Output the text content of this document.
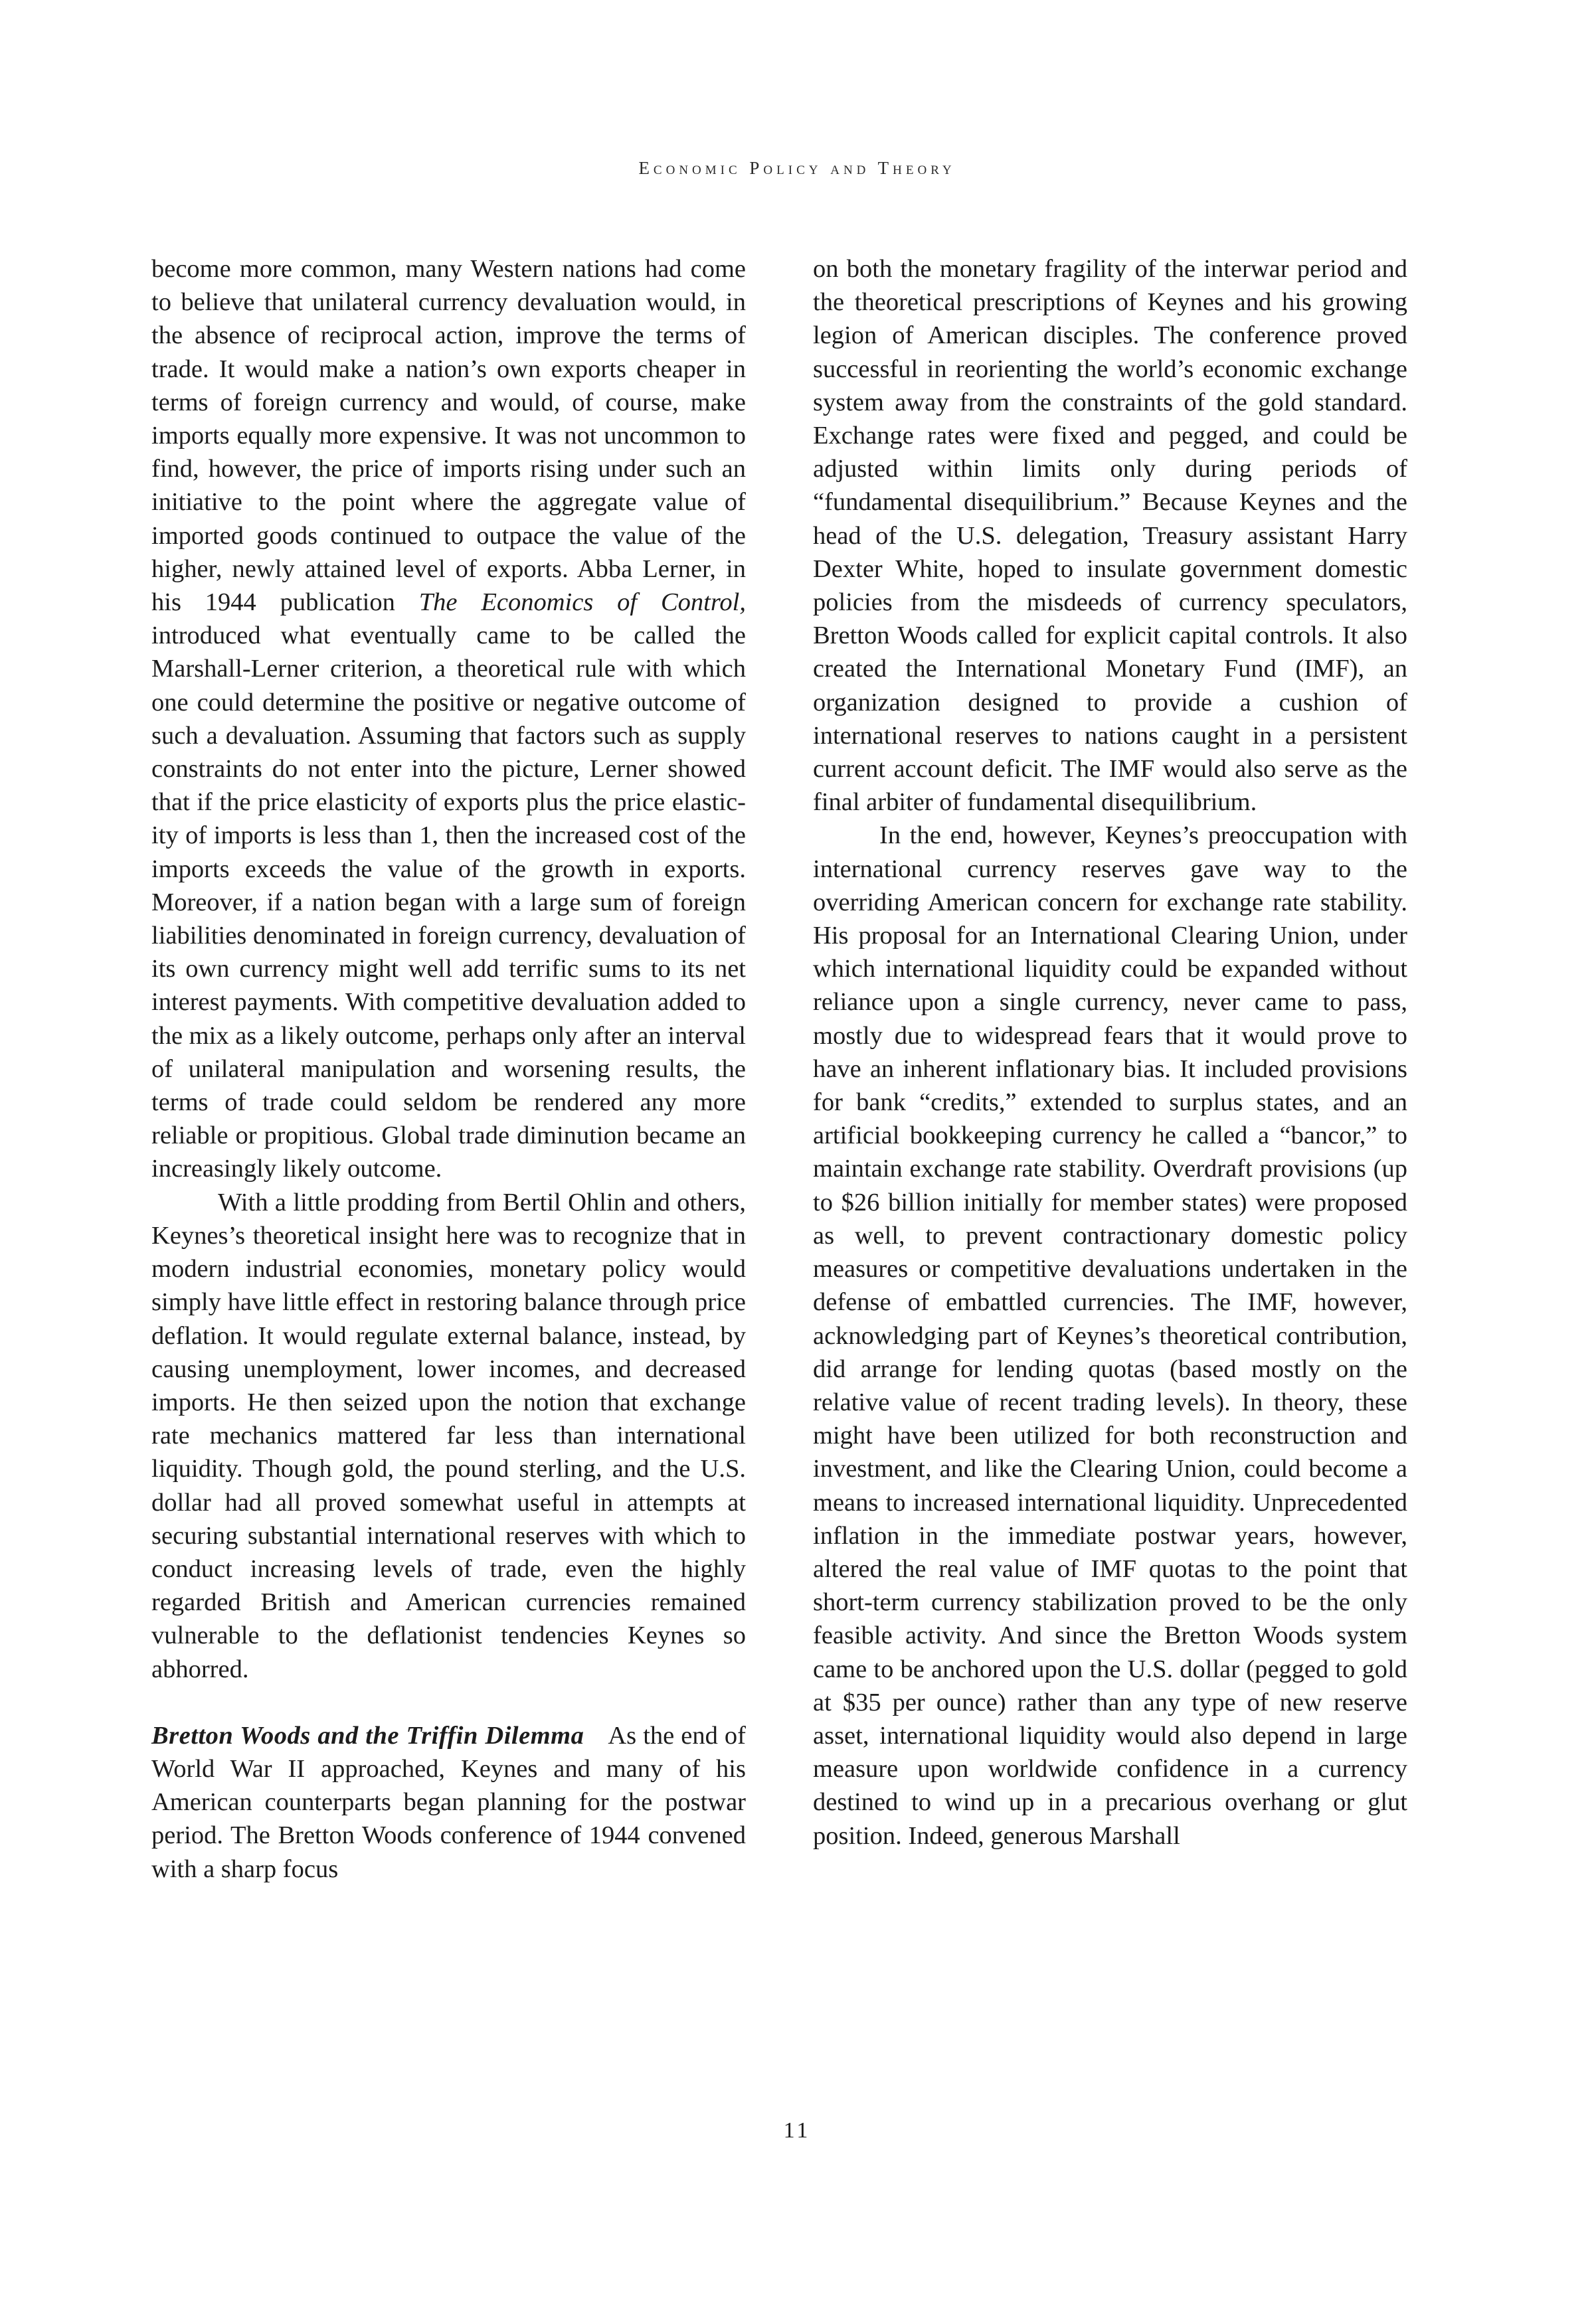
Economic Policy and Theory

become more common, many Western nations had come to believe that unilateral currency devaluation would, in the absence of reciprocal action, improve the terms of trade. It would make a nation’s own exports cheaper in terms of foreign currency and would, of course, make imports equally more expensive. It was not uncommon to find, however, the price of imports rising under such an initiative to the point where the aggregate value of imported goods continued to outpace the value of the higher, newly attained level of exports. Abba Lerner, in his 1944 publication The Economics of Control, introduced what eventually came to be called the Marshall-Lerner criterion, a theoretical rule with which one could determine the positive or negative outcome of such a devaluation. Assuming that factors such as supply constraints do not enter into the picture, Lerner showed that if the price elasticity of exports plus the price elasticity of imports is less than 1, then the increased cost of the imports exceeds the value of the growth in exports. Moreover, if a nation began with a large sum of foreign liabilities denominated in foreign currency, devaluation of its own currency might well add terrific sums to its net interest payments. With competitive devaluation added to the mix as a likely outcome, perhaps only after an interval of unilateral manipulation and worsening results, the terms of trade could seldom be rendered any more reliable or propitious. Global trade diminution became an increasingly likely outcome.

With a little prodding from Bertil Ohlin and others, Keynes’s theoretical insight here was to recognize that in modern industrial economies, monetary policy would simply have little effect in restoring balance through price deflation. It would regulate external balance, instead, by causing unemployment, lower incomes, and decreased imports. He then seized upon the notion that exchange rate mechanics mattered far less than international liquidity. Though gold, the pound sterling, and the U.S. dollar had all proved somewhat useful in attempts at securing substantial international reserves with which to conduct increasing levels of trade, even the highly regarded British and American currencies remained vulnerable to the deflationist tendencies Keynes so abhorred.

Bretton Woods and the Triffin Dilemma As the end of World War II approached, Keynes and many of his American counterparts began planning for the postwar period. The Bretton Woods conference of 1944 convened with a sharp focus

on both the monetary fragility of the interwar period and the theoretical prescriptions of Keynes and his growing legion of American disciples. The conference proved successful in reorienting the world’s economic exchange system away from the constraints of the gold standard. Exchange rates were fixed and pegged, and could be adjusted within limits only during periods of “fundamental disequilibrium.” Because Keynes and the head of the U.S. delegation, Treasury assistant Harry Dexter White, hoped to insulate government domestic policies from the misdeeds of currency speculators, Bretton Woods called for explicit capital controls. It also created the International Monetary Fund (IMF), an organization designed to provide a cushion of international reserves to nations caught in a persistent current account deficit. The IMF would also serve as the final arbiter of fundamental disequilibrium.

In the end, however, Keynes’s preoccupation with international currency reserves gave way to the overriding American concern for exchange rate stability. His proposal for an International Clearing Union, under which international liquidity could be expanded without reliance upon a single currency, never came to pass, mostly due to widespread fears that it would prove to have an inherent inflationary bias. It included provisions for bank “credits,” extended to surplus states, and an artificial bookkeeping currency he called a “bancor,” to maintain exchange rate stability. Overdraft provisions (up to $26 billion initially for member states) were proposed as well, to prevent contractionary domestic policy measures or competitive devaluations undertaken in the defense of embattled currencies. The IMF, however, acknowledging part of Keynes’s theoretical contribution, did arrange for lending quotas (based mostly on the relative value of recent trading levels). In theory, these might have been utilized for both reconstruction and investment, and like the Clearing Union, could become a means to increased international liquidity. Unprecedented inflation in the immediate postwar years, however, altered the real value of IMF quotas to the point that short-term currency stabilization proved to be the only feasible activity. And since the Bretton Woods system came to be anchored upon the U.S. dollar (pegged to gold at $35 per ounce) rather than any type of new reserve asset, international liquidity would also depend in large measure upon worldwide confidence in a currency destined to wind up in a precarious overhang or glut position. Indeed, generous Marshall

11
